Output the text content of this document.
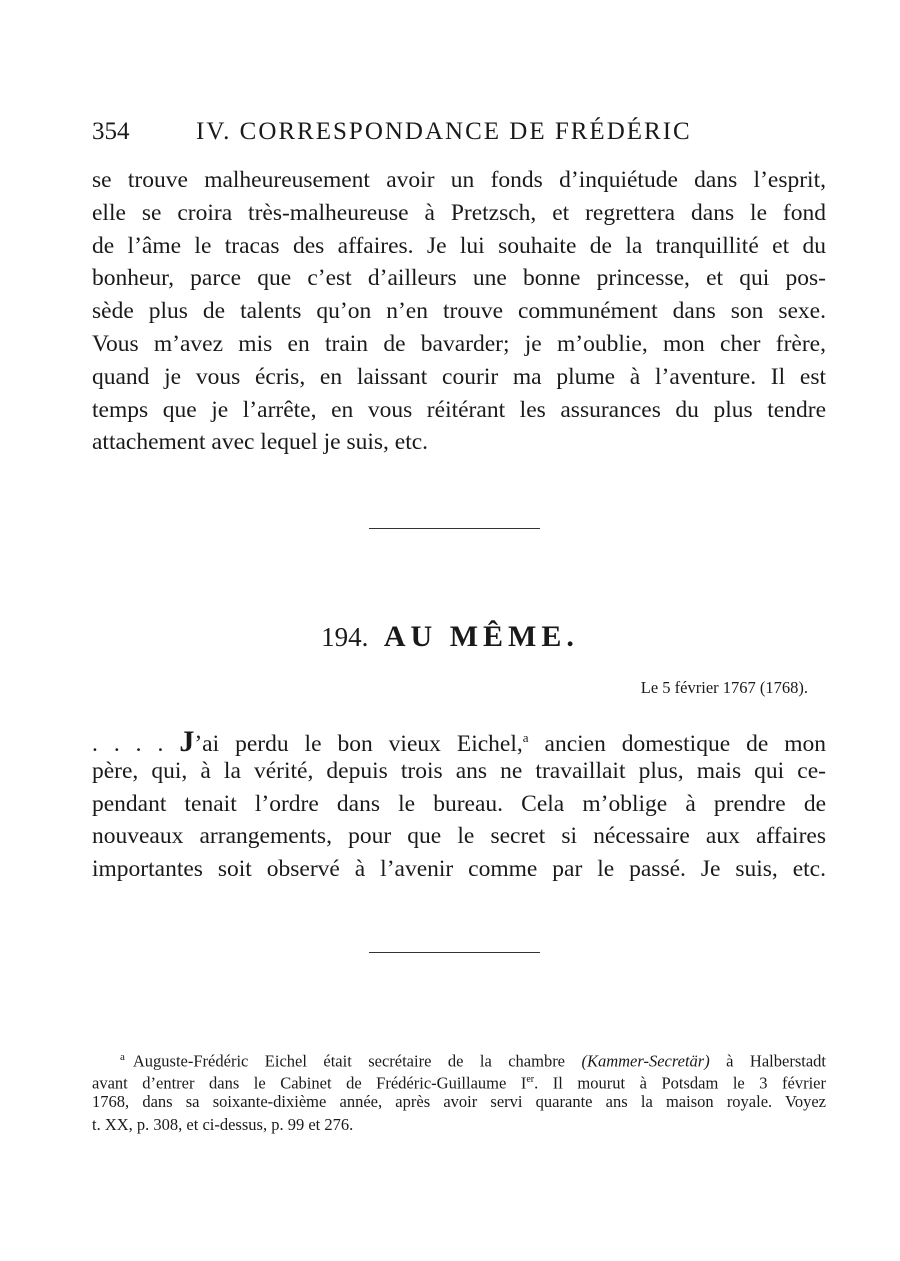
354	IV. CORRESPONDANCE DE FRÉDÉRIC
se trouve malheureusement avoir un fonds d’inquiétude dans l’esprit,
elle se croira très-malheureuse à Pretzsch, et regrettera dans le fond
de l’âme le tracas des affaires. Je lui souhaite de la tranquillité et du
bonheur, parce que c’est d’ailleurs une bonne princesse, et qui pos-
sède plus de talents qu’on n’en trouve communément dans son sexe.
Vous m’avez mis en train de bavarder; je m’oublie, mon cher frère,
quand je vous écris, en laissant courir ma plume à l’aventure. Il est
temps que je l’arrête, en vous réitérant les assurances du plus tendre
attachement avec lequel je suis, etc.
194. AU MÊME.
Le 5 février 1767 (1768).
. . . . J’ai perdu le bon vieux Eichel,$^a$ ancien domestique de mon
père, qui, à la vérité, depuis trois ans ne travaillait plus, mais qui ce-
pendant tenait l’ordre dans le bureau. Cela m’oblige à prendre de
nouveaux arrangements, pour que le secret si nécessaire aux affaires
importantes soit observé à l’avenir comme par le passé. Je suis, etc.
$^a$ Auguste-Frédéric Eichel était secrétaire de la chambre (Kammer-Secretär) à Halberstadt
avant d’entrer dans le Cabinet de Frédéric-Guillaume Ier. Il mourut à Potsdam le 3 février
1768, dans sa soixante-dixième année, après avoir servi quarante ans la maison royale. Voyez
t. XX, p. 308, et ci-dessus, p. 99 et 276.
